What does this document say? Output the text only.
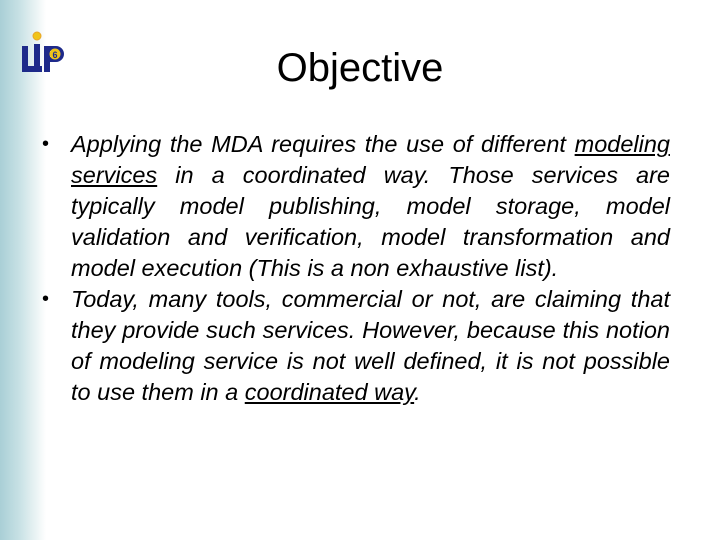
6	Objective
• Applying the MDA requires the use of different modeling services in a coordinated way. Those services are typically model publishing, model storage, model validation and verification, model transformation and model execution (This is a non exhaustive list).
• Today, many tools, commercial or not, are claiming that they provide such services. However, because this notion of modeling service is not well defined, it is not possible to use them in a coordinated way.
